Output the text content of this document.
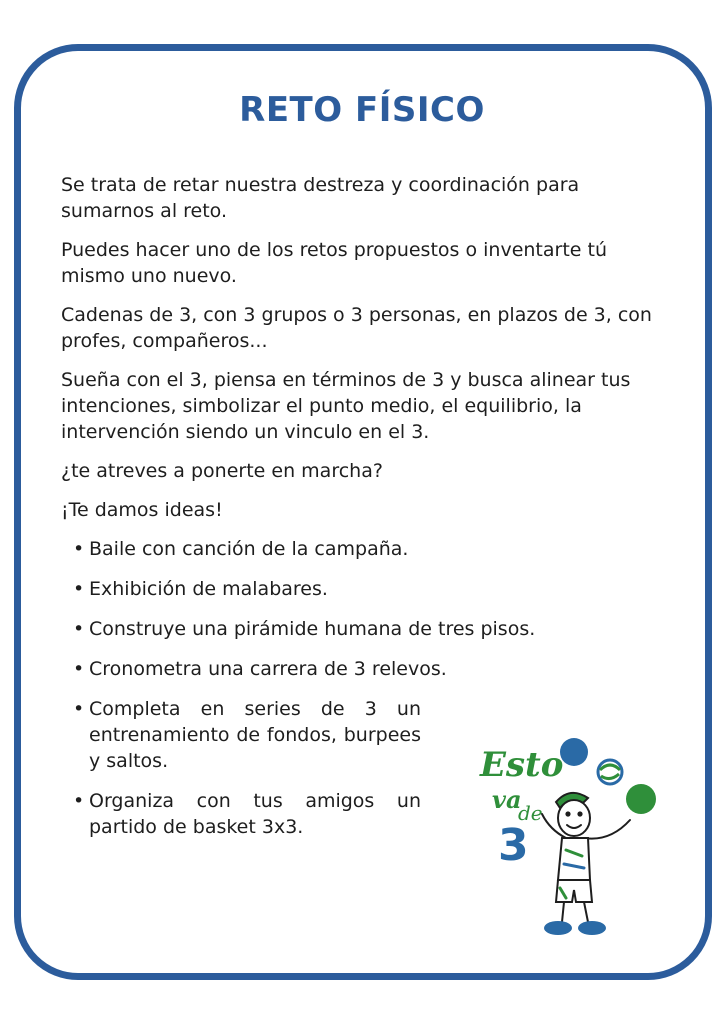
RETO FÍSICO

Se trata de retar nuestra destreza y coordinación para sumarnos al reto.

Puedes hacer uno de los retos propuestos o inventarte tú mismo uno nuevo.

Cadenas de 3, con 3 grupos o 3 personas, en plazos de 3, con profes, compañeros...

Sueña con el 3, piensa en términos de 3 y busca alinear tus intenciones, simbolizar el punto medio, el equilibrio, la intervención siendo un vinculo en el 3.

¿te atreves a ponerte en marcha?

¡Te damos ideas!

• Baile con canción de la campaña.
• Exhibición de malabares.
• Construye una pirámide humana de tres pisos.
• Cronometra una carrera de 3 relevos.
• Completa en series de 3 un entrenamiento de fondos, burpees y saltos.
• Organiza con tus amigos un partido de basket 3x3.
Esto
va
de
3
